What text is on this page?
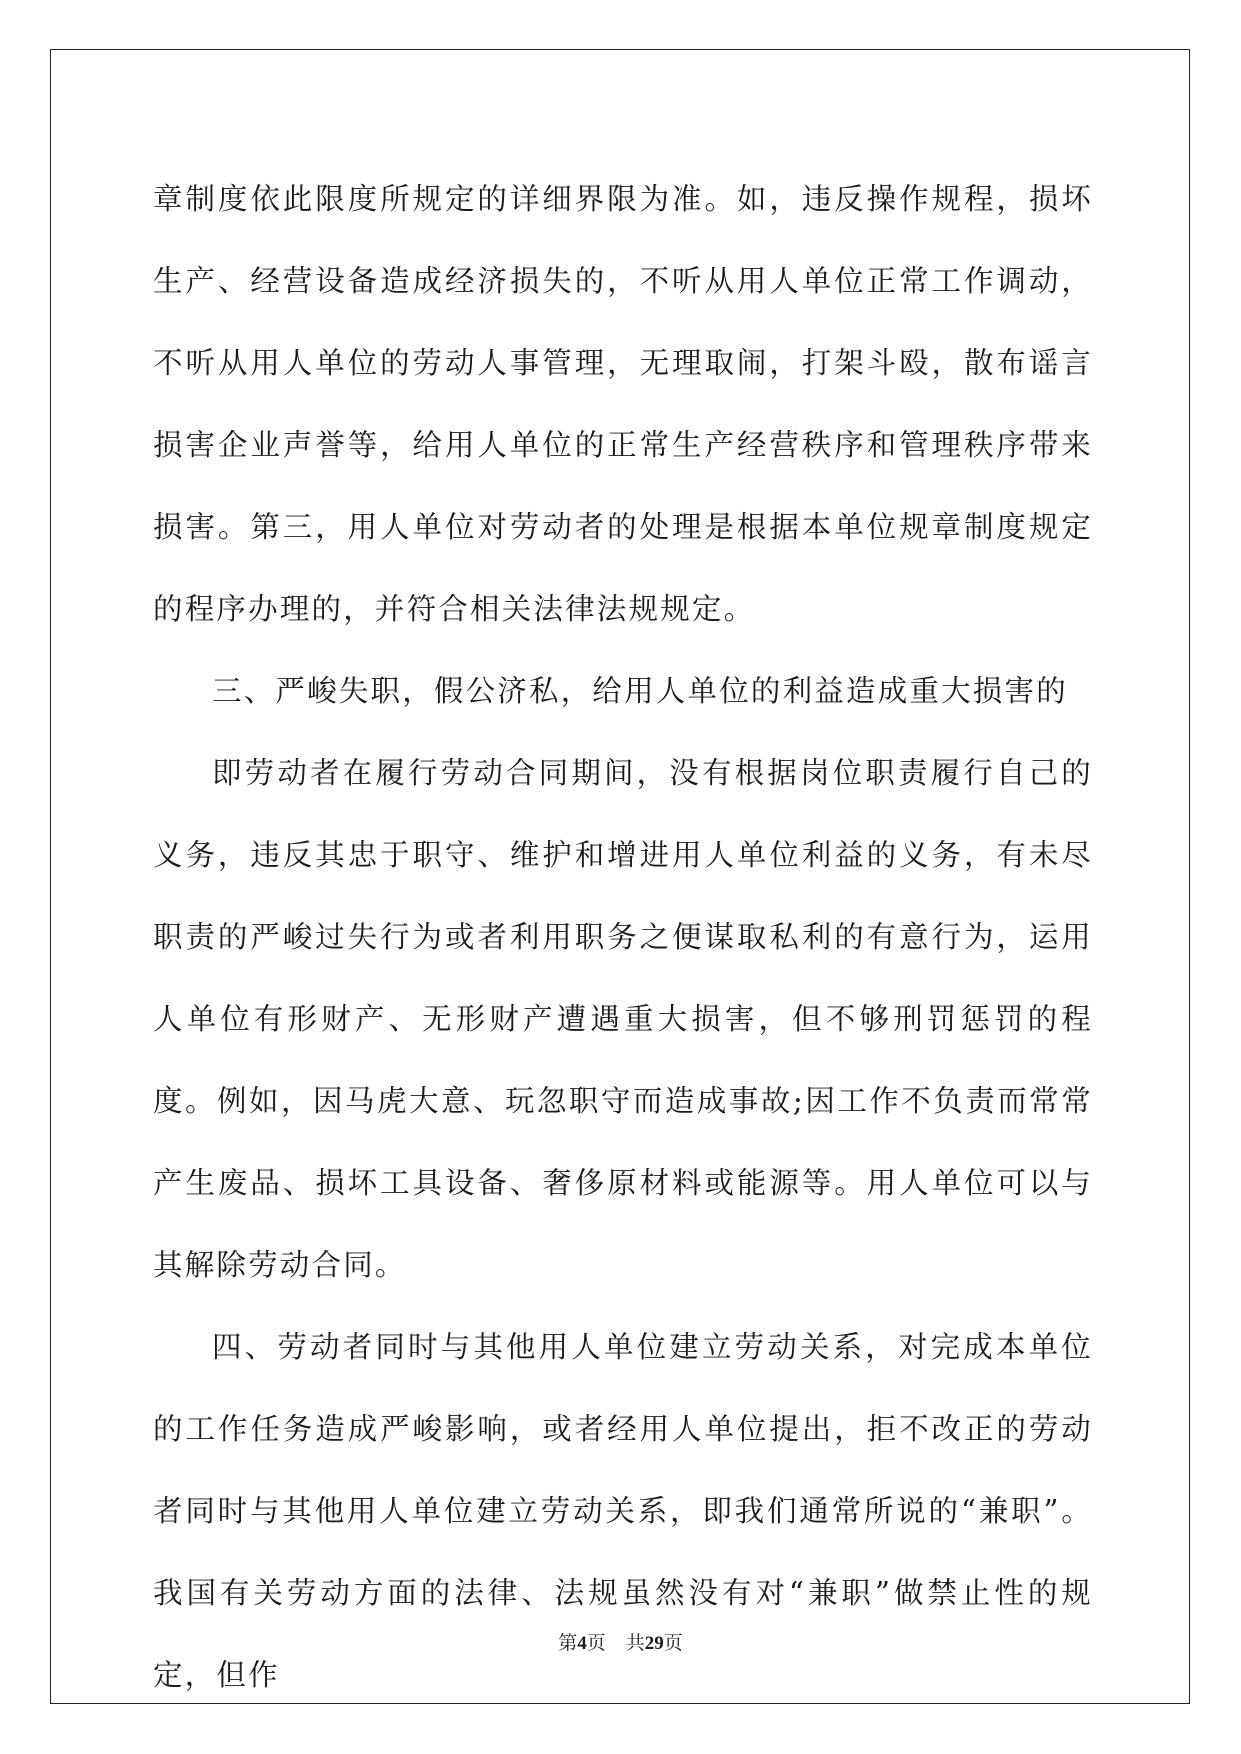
章制度依此限度所规定的详细界限为准。如，违反操作规程，损坏生产、经营设备造成经济损失的，不听从用人单位正常工作调动，不听从用人单位的劳动人事管理，无理取闹，打架斗殴，散布谣言损害企业声誉等，给用人单位的正常生产经营秩序和管理秩序带来损害。第三，用人单位对劳动者的处理是根据本单位规章制度规定的程序办理的，并符合相关法律法规规定。

三、严峻失职，假公济私，给用人单位的利益造成重大损害的

即劳动者在履行劳动合同期间，没有根据岗位职责履行自己的义务，违反其忠于职守、维护和增进用人单位利益的义务，有未尽职责的严峻过失行为或者利用职务之便谋取私利的有意行为，运用人单位有形财产、无形财产遭遇重大损害，但不够刑罚惩罚的程度。例如，因马虎大意、玩忽职守而造成事故;因工作不负责而常常产生废品、损坏工具设备、奢侈原材料或能源等。用人单位可以与其解除劳动合同。

四、劳动者同时与其他用人单位建立劳动关系，对完成本单位的工作任务造成严峻影响，或者经用人单位提出，拒不改正的劳动者同时与其他用人单位建立劳动关系，即我们通常所说的“兼职”。我国有关劳动方面的法律、法规虽然没有对“兼职”做禁止性的规定，但作

第4页 共29页
